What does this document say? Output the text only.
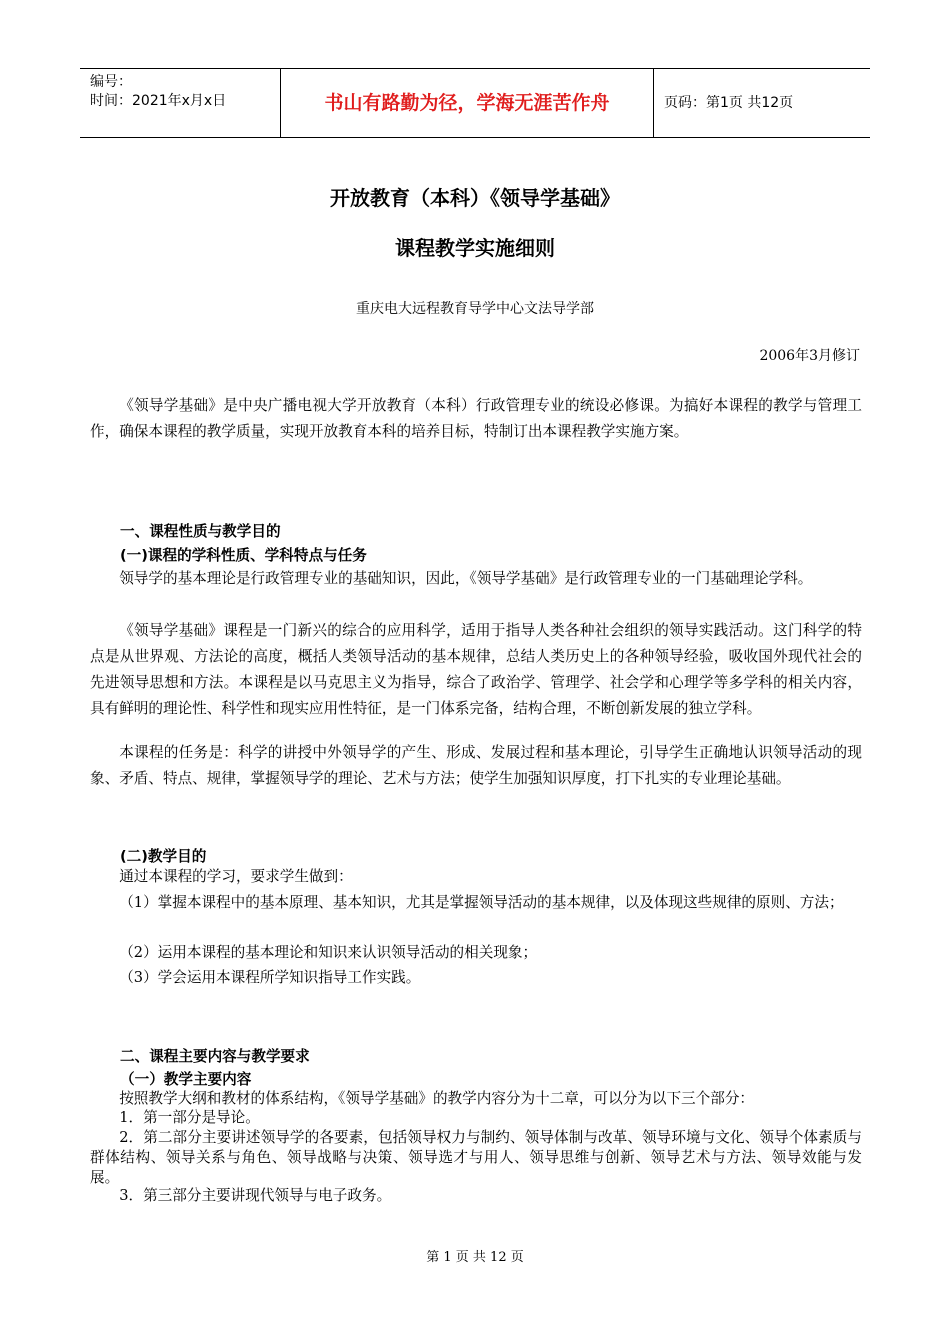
编号：
时间：2021年x月x日	书山有路勤为径，学海无涯苦作舟	页码：第1页 共12页
开放教育（本科）《领导学基础》
课程教学实施细则
重庆电大远程教育导学中心文法导学部
2006年3月修订

《领导学基础》是中央广播电视大学开放教育（本科）行政管理专业的统设必修课。为搞好本课程的教学与管理工作，确保本课程的教学质量，实现开放教育本科的培养目标，特制订出本课程教学实施方案。

一、课程性质与教学目的
(一)课程的学科性质、学科特点与任务

领导学的基本理论是行政管理专业的基础知识，因此，《领导学基础》是行政管理专业的一门基础理论学科。

《领导学基础》课程是一门新兴的综合的应用科学，适用于指导人类各种社会组织的领导实践活动。这门科学的特点是从世界观、方法论的高度，概括人类领导活动的基本规律，总结人类历史上的各种领导经验，吸收国外现代社会的先进领导思想和方法。本课程是以马克思主义为指导，综合了政治学、管理学、社会学和心理学等多学科的相关内容，具有鲜明的理论性、科学性和现实应用性特征，是一门体系完备，结构合理，不断创新发展的独立学科。

本课程的任务是：科学的讲授中外领导学的产生、形成、发展过程和基本理论，引导学生正确地认识领导活动的现象、矛盾、特点、规律，掌握领导学的理论、艺术与方法；使学生加强知识厚度，打下扎实的专业理论基础。

(二)教学目的

通过本课程的学习，要求学生做到：

（1）掌握本课程中的基本原理、基本知识，尤其是掌握领导活动的基本规律，以及体现这些规律的原则、方法；

（2）运用本课程的基本理论和知识来认识领导活动的相关现象；

（3）学会运用本课程所学知识指导工作实践。

二、课程主要内容与教学要求
（一）教学主要内容

按照教学大纲和教材的体系结构，《领导学基础》的教学内容分为十二章，可以分为以下三个部分：

1．第一部分是导论。

2．第二部分主要讲述领导学的各要素，包括领导权力与制约、领导体制与改革、领导环境与文化、领导个体素质与群体结构、领导关系与角色、领导战略与决策、领导选才与用人、领导思维与创新、领导艺术与方法、领导效能与发展。

3．第三部分主要讲现代领导与电子政务。

第 1 页 共 12 页
